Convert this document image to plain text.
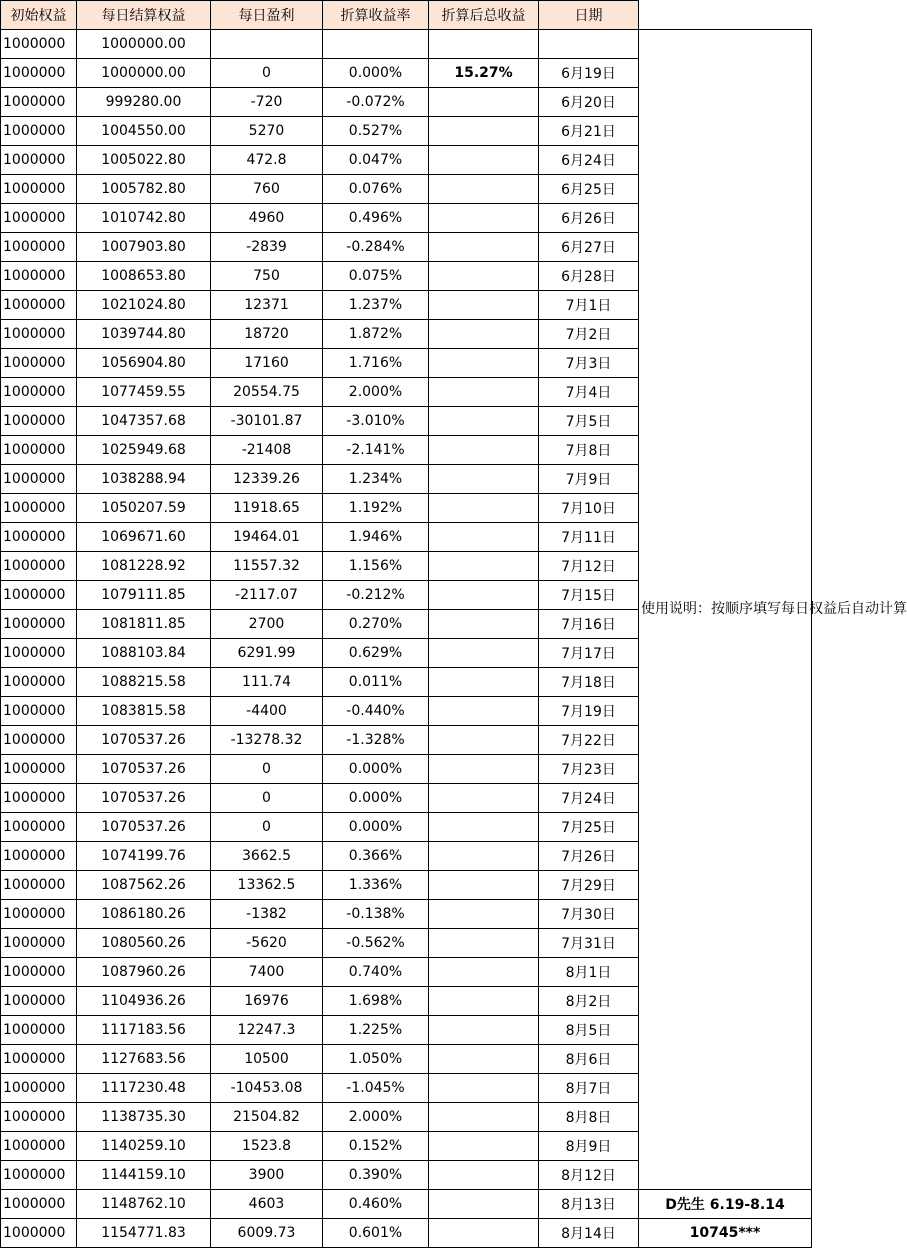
初始权益	每日结算权益	每日盈利	折算收益率	折算后总收益	日期	
1000000	1000000.00					使用说明：按顺序填写每日权益后自动计算
1000000	1000000.00	0	0.000%	15.27%	6月19日	
1000000	999280.00	-720	-0.072%		6月20日	
1000000	1004550.00	5270	0.527%		6月21日	
1000000	1005022.80	472.8	0.047%		6月24日	
1000000	1005782.80	760	0.076%		6月25日	
1000000	1010742.80	4960	0.496%		6月26日	
1000000	1007903.80	-2839	-0.284%		6月27日	
1000000	1008653.80	750	0.075%		6月28日	
1000000	1021024.80	12371	1.237%		7月1日	
1000000	1039744.80	18720	1.872%		7月2日	
1000000	1056904.80	17160	1.716%		7月3日	
1000000	1077459.55	20554.75	2.000%		7月4日	
1000000	1047357.68	-30101.87	-3.010%		7月5日	
1000000	1025949.68	-21408	-2.141%		7月8日	
1000000	1038288.94	12339.26	1.234%		7月9日	
1000000	1050207.59	11918.65	1.192%		7月10日	
1000000	1069671.60	19464.01	1.946%		7月11日	
1000000	1081228.92	11557.32	1.156%		7月12日	
1000000	1079111.85	-2117.07	-0.212%		7月15日	
1000000	1081811.85	2700	0.270%		7月16日	
1000000	1088103.84	6291.99	0.629%		7月17日	
1000000	1088215.58	111.74	0.011%		7月18日	
1000000	1083815.58	-4400	-0.440%		7月19日	
1000000	1070537.26	-13278.32	-1.328%		7月22日	
1000000	1070537.26	0	0.000%		7月23日	
1000000	1070537.26	0	0.000%		7月24日	
1000000	1070537.26	0	0.000%		7月25日	
1000000	1074199.76	3662.5	0.366%		7月26日	
1000000	1087562.26	13362.5	1.336%		7月29日	
1000000	1086180.26	-1382	-0.138%		7月30日	
1000000	1080560.26	-5620	-0.562%		7月31日	
1000000	1087960.26	7400	0.740%		8月1日	
1000000	1104936.26	16976	1.698%		8月2日	
1000000	1117183.56	12247.3	1.225%		8月5日	
1000000	1127683.56	10500	1.050%		8月6日	
1000000	1117230.48	-10453.08	-1.045%		8月7日	
1000000	1138735.30	21504.82	2.000%		8月8日	
1000000	1140259.10	1523.8	0.152%		8月9日	
1000000	1144159.10	3900	0.390%		8月12日	
1000000	1148762.10	4603	0.460%		8月13日	D先生 6.19-8.14
1000000	1154771.83	6009.73	0.601%		8月14日	10745***
